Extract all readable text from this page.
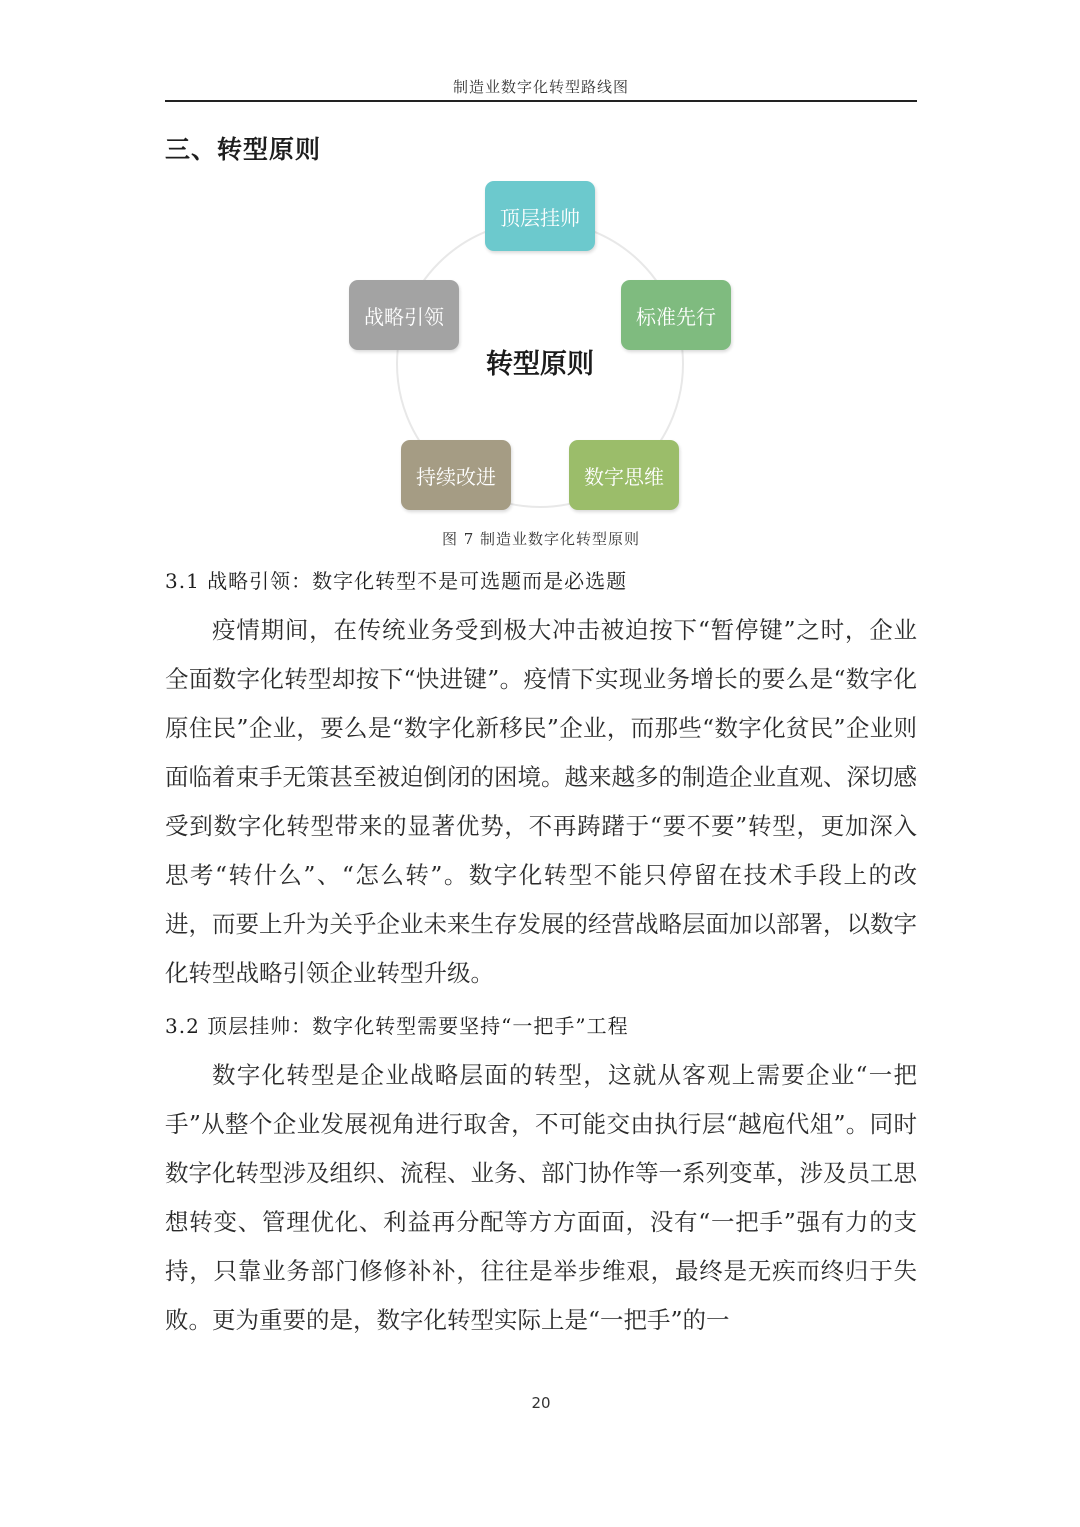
制造业数字化转型路线图
三、转型原则
顶层挂帅
标准先行
数字思维
持续改进
战略引领
转型原则
图 7 制造业数字化转型原则
3.1 战略引领：数字化转型不是可选题而是必选题

疫情期间，在传统业务受到极大冲击被迫按下“暂停键”之时，企业全面数字化转型却按下“快进键”。疫情下实现业务增长的要么是“数字化原住民”企业，要么是“数字化新移民”企业，而那些“数字化贫民”企业则面临着束手无策甚至被迫倒闭的困境。越来越多的制造企业直观、深切感受到数字化转型带来的显著优势，不再踌躇于“要不要”转型，更加深入思考“转什么”、“怎么转”。数字化转型不能只停留在技术手段上的改进，而要上升为关乎企业未来生存发展的经营战略层面加以部署，以数字化转型战略引领企业转型升级。

3.2 顶层挂帅：数字化转型需要坚持“一把手”工程

数字化转型是企业战略层面的转型，这就从客观上需要企业“一把手”从整个企业发展视角进行取舍，不可能交由执行层“越庖代俎”。同时数字化转型涉及组织、流程、业务、部门协作等一系列变革，涉及员工思想转变、管理优化、利益再分配等方方面面，没有“一把手”强有力的支持，只靠业务部门修修补补，往往是举步维艰，最终是无疾而终归于失败。更为重要的是，数字化转型实际上是“一把手”的一

20
